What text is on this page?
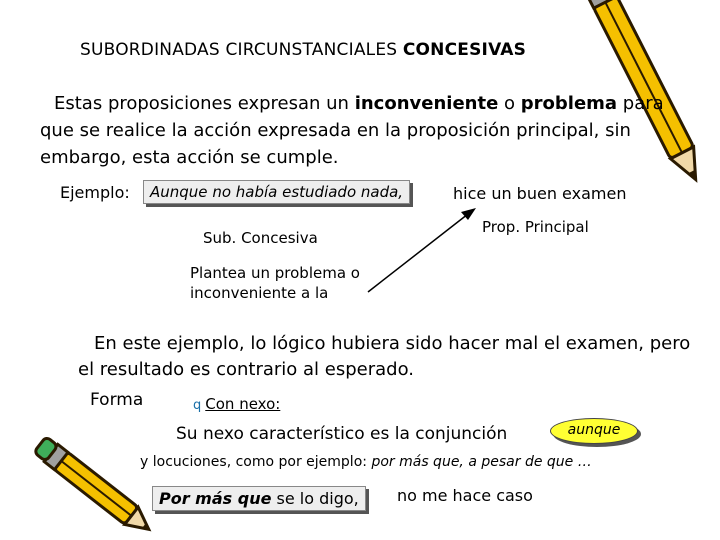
SUBORDINADAS CIRCUNSTANCIALES CONCESIVAS
Estas proposiciones expresan un inconveniente o problema para que se realice la acción expresada en la proposición principal, sin embargo, esta acción se cumple.
Ejemplo:	Aunque no había estudiado nada,	hice un buen examen
Sub. Concesiva
Prop. Principal
Plantea un problema o inconveniente a la
En este ejemplo, lo lógico hubiera sido hacer mal el examen, pero
el resultado es contrario al esperado.
Forma	q Con nexo:
Su nexo característico es la conjunción	aunque
y locuciones, como por ejemplo: por más que, a pesar de que …
Por más que se lo digo,	no me hace caso
